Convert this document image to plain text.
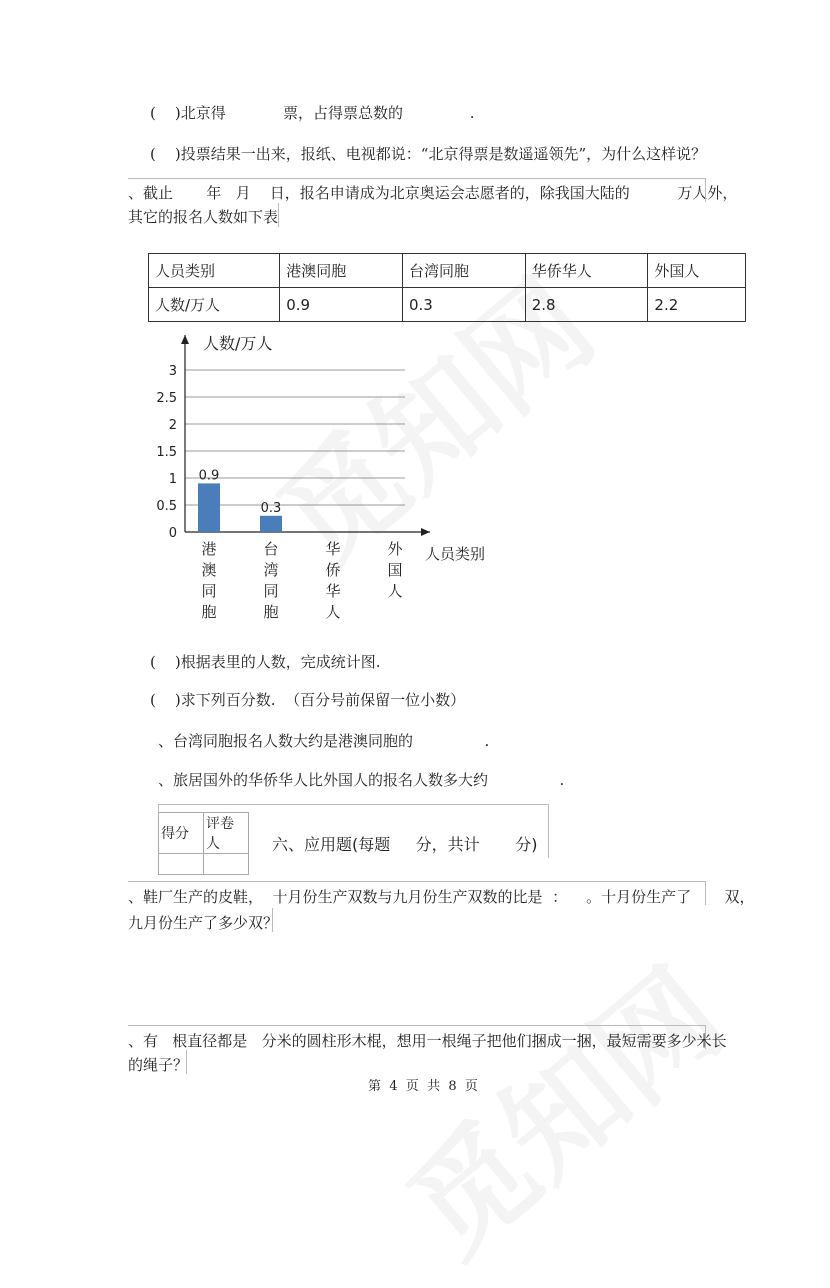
(    )北京得            票，占得票总数的              .
(    )投票结果一出来，报纸、电视都说：“北京得票是数遥遥领先”，为什么这样说？
、截止       年   月    日，报名申请成为北京奥运会志愿者的，除我国大陆的          万人外，
其它的报名人数如下表
人员类别	港澳同胞	台湾同胞	华侨华人	外国人
人数/万人	0.9	0.3	2.8	2.2
0
0.5
1
1.5
2
2.5
3
人数/万人
人员类别
0.9
港
澳
同
胞
0.3
台
湾
同
胞
华
侨
华
人
外
国
人
(    )根据表里的人数，完成统计图.
(    )求下列百分数.  （百分号前保留一位小数）
、台湾同胞报名人数大约是港澳同胞的               .
、旅居国外的华侨华人比外国人的报名人数多大约               .
得分	评卷人
		六、应用题(每题     分，共计       分)
、鞋厂生产的皮鞋，  十月份生产双数与九月份生产双数的比是  ：    。十月份生产了       双，
九月份生产了多少双？
、有   根直径都是   分米的圆柱形木棍，想用一根绳子把他们捆成一捆，最短需要多少米长
的绳子？
第  4  页  共  8  页
